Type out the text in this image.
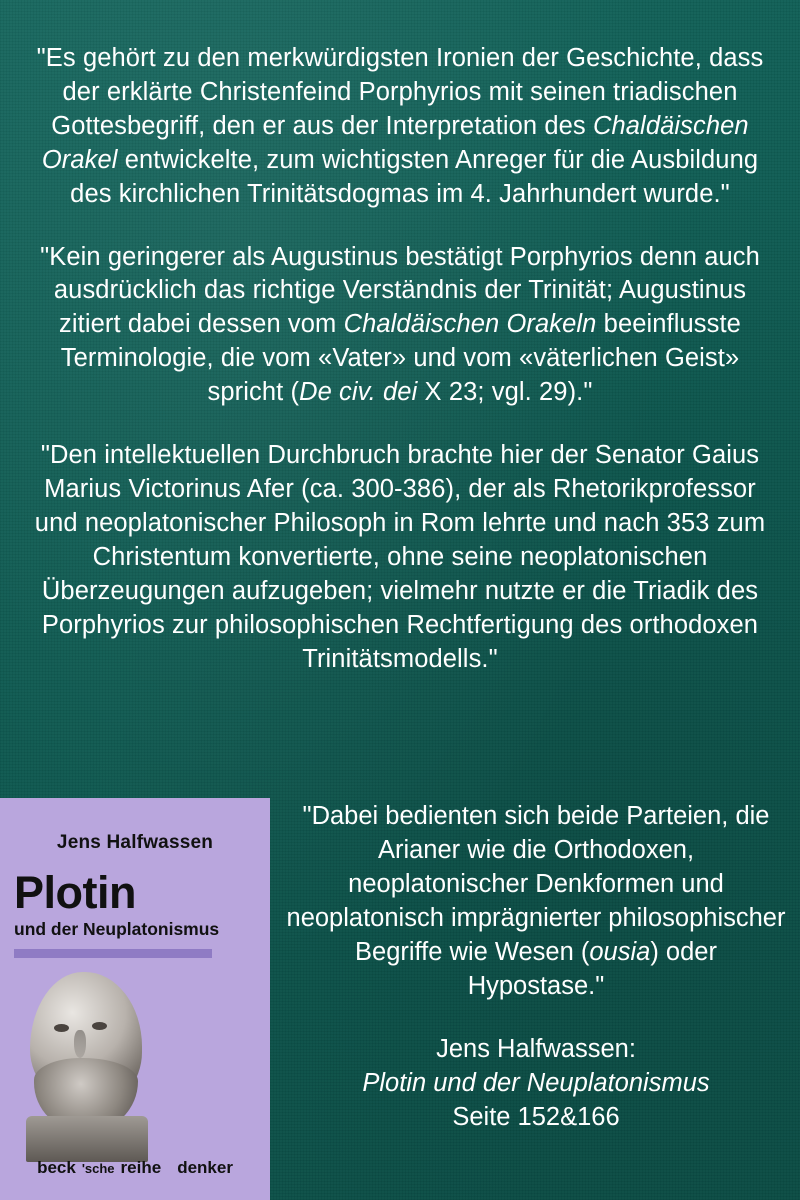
"Es gehört zu den merkwürdigsten Ironien der Geschichte, dass der erklärte Christenfeind Porphyrios mit seinen triadischen Gottesbegriff, den er aus der Interpretation des Chaldäischen Orakel entwickelte, zum wichtigsten Anreger für die Ausbildung des kirchlichen Trinitätsdogmas im 4. Jahrhundert wurde."

"Kein geringerer als Augustinus bestätigt Porphyrios denn auch ausdrücklich das richtige Verständnis der Trinität; Augustinus zitiert dabei dessen vom Chaldäischen Orakeln beeinflusste Terminologie, die vom «Vater» und vom «väterlichen Geist» spricht (De civ. dei X 23; vgl. 29)."

"Den intellektuellen Durchbruch brachte hier der Senator Gaius Marius Victorinus Afer (ca. 300-386), der als Rhetorikprofessor und neoplatonischer Philosoph in Rom lehrte und nach 353 zum Christentum konvertierte, ohne seine neoplatonischen Überzeugungen aufzugeben; vielmehr nutzte er die Triadik des Porphyrios zur philosophischen Rechtfertigung des orthodoxen Trinitätsmodells."

"Dabei bedienten sich beide Parteien, die Arianer wie die Orthodoxen, neoplatonischer Denkformen und neoplatonisch imprägnierter philosophischer Begriffe wie Wesen (ousia) oder Hypostase."

Jens Halfwassen:
Plotin und der Neuplatonismus
Seite 152&166
Jens Halfwassen
Plotin
und der Neuplatonismus
beck 'sche reihe denker
